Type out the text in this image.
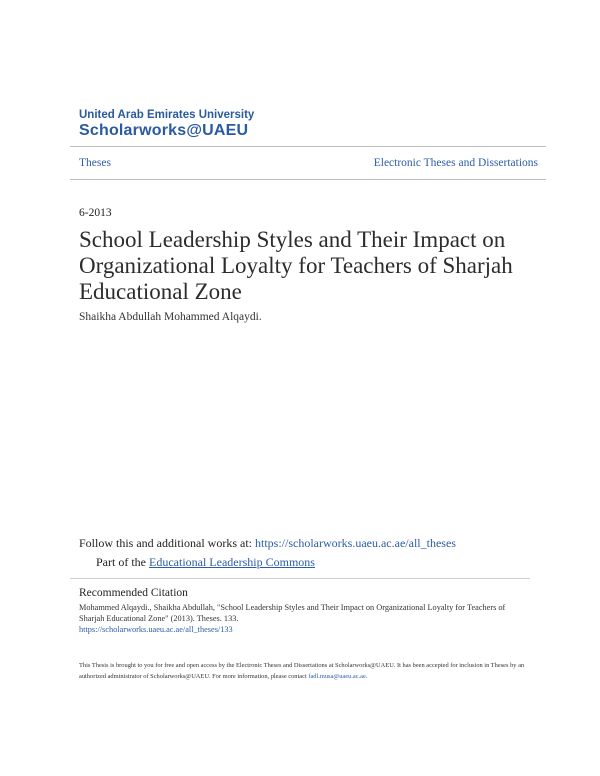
United Arab Emirates University
Scholarworks@UAEU
Theses	Electronic Theses and Dissertations
6-2013
School Leadership Styles and Their Impact on Organizational Loyalty for Teachers of Sharjah Educational Zone
Shaikha Abdullah Mohammed Alqaydi.
Follow this and additional works at: https://scholarworks.uaeu.ac.ae/all_theses
Part of the Educational Leadership Commons
Recommended Citation
Mohammed Alqaydi., Shaikha Abdullah, "School Leadership Styles and Their Impact on Organizational Loyalty for Teachers of Sharjah Educational Zone" (2013). Theses. 133.
https://scholarworks.uaeu.ac.ae/all_theses/133
This Thesis is brought to you for free and open access by the Electronic Theses and Dissertations at Scholarworks@UAEU. It has been accepted for inclusion in Theses by an authorized administrator of Scholarworks@UAEU. For more information, please contact fadl.musa@uaeu.ac.ae.
